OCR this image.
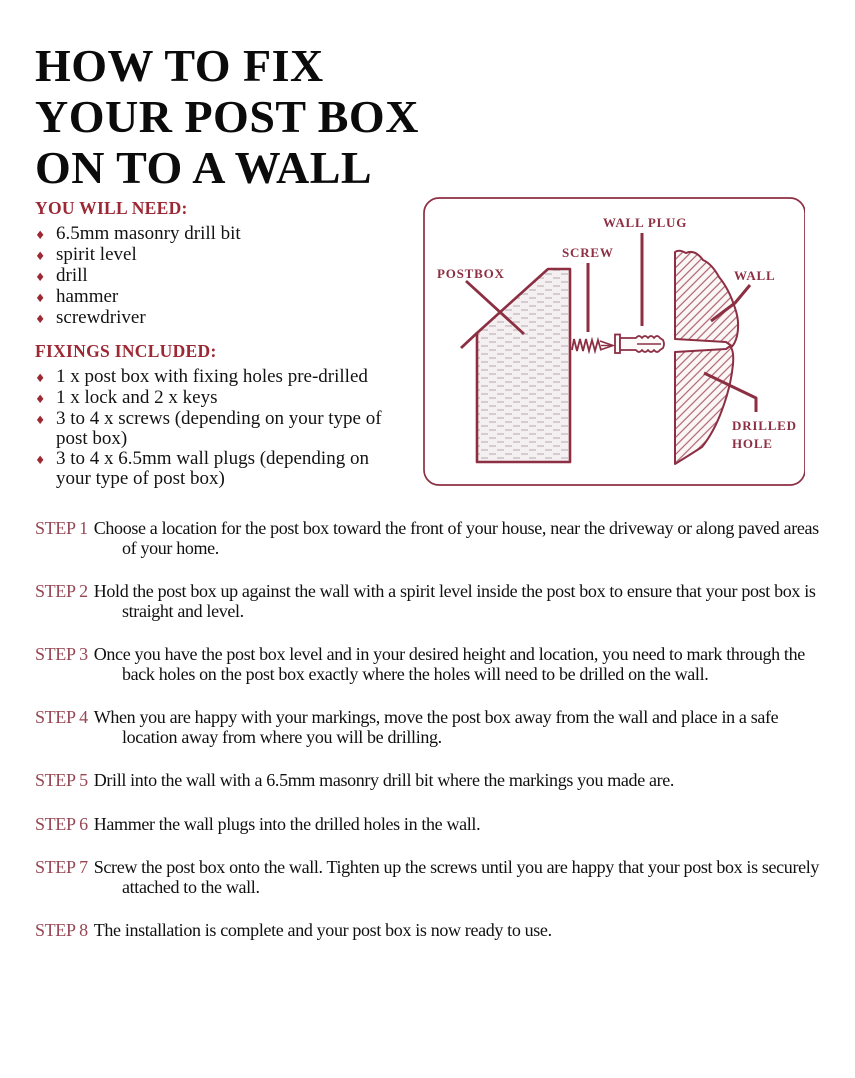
HOW TO FIX
YOUR POST BOX
ON TO A WALL
YOU WILL NEED:
♦ 6.5mm masonry drill bit
♦ spirit level
♦ drill
♦ hammer
♦ screwdriver
FIXINGS INCLUDED:
♦ 1 x post box with fixing holes pre-drilled
♦ 1 x lock and 2 x keys
♦ 3 to 4 x screws (depending on your type of post box)
♦ 3 to 4 x 6.5mm wall plugs (depending on your type of post box)
POSTBOX
SCREW
WALL PLUG
WALL
DRILLED
HOLE

STEP 1 Choose a location for the post box toward the front of your house, near the driveway or along paved areas of your home.

STEP 2 Hold the post box up against the wall with a spirit level inside the post box to ensure that your post box is straight and level.

STEP 3 Once you have the post box level and in your desired height and location, you need to mark through the back holes on the post box exactly where the holes will need to be drilled on the wall.

STEP 4 When you are happy with your markings, move the post box away from the wall and place in a safe location away from where you will be drilling.

STEP 5 Drill into the wall with a 6.5mm masonry drill bit where the markings you made are.

STEP 6 Hammer the wall plugs into the drilled holes in the wall.

STEP 7 Screw the post box onto the wall. Tighten up the screws until you are happy that your post box is securely attached to the wall.

STEP 8 The installation is complete and your post box is now ready to use.
